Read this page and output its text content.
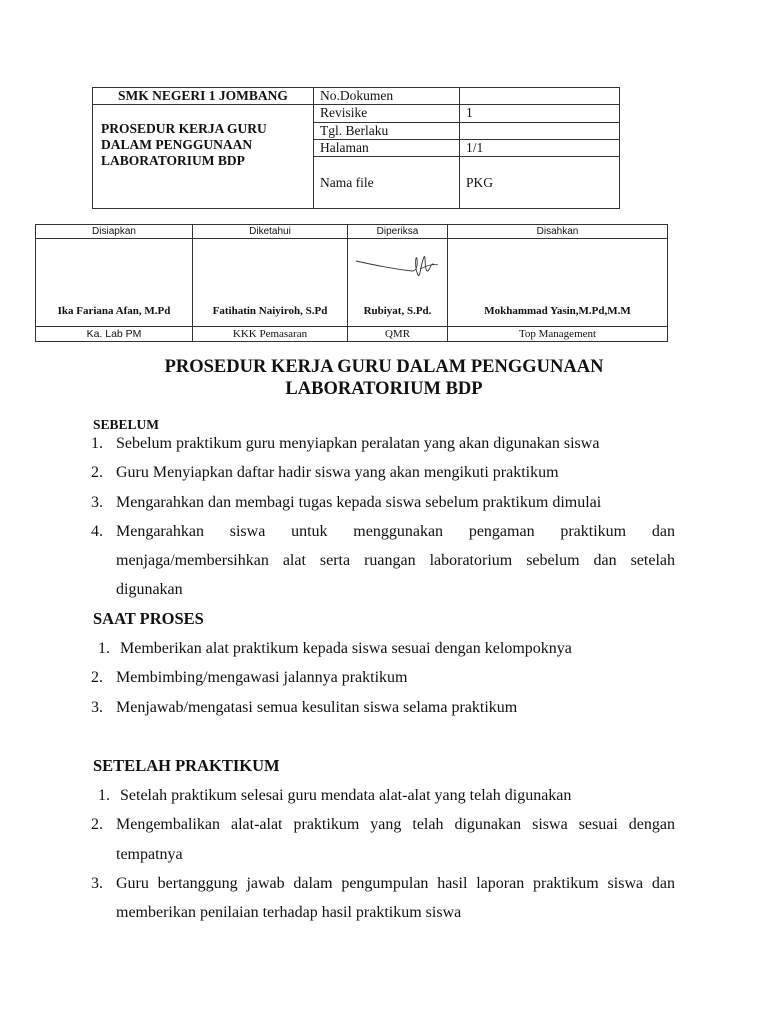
SMK NEGERI 1 JOMBANG	No.Dokumen	

PROSEDUR KERJA GURU
DALAM PENGGUNAAN
LABORATORIUM BDP	Revisike	1
	Tgl. Berlaku	
	Halaman	1/1
	Nama file	PKG
Disiapkan	Diketahui	Diperiksa	Disahkan
Ika Fariana Afan, M.Pd	Fatihatin Naiyiroh, S.Pd	Rubiyat, S.Pd.	Mokhammad Yasin,M.Pd,M.M
Ka. Lab PM	KKK Pemasaran	QMR	Top Management
PROSEDUR KERJA GURU DALAM PENGGUNAAN
LABORATORIUM BDP
SEBELUM
1. Sebelum praktikum guru menyiapkan peralatan yang akan digunakan siswa
2. Guru Menyiapkan daftar hadir siswa yang akan mengikuti praktikum
3. Mengarahkan dan membagi tugas kepada siswa sebelum praktikum dimulai
4. Mengarahkan siswa untuk menggunakan pengaman praktikum dan menjaga/membersihkan alat serta ruangan laboratorium sebelum dan setelah digunakan
SAAT PROSES
1. Memberikan alat praktikum kepada siswa sesuai dengan kelompoknya
2. Membimbing/mengawasi jalannya praktikum
3. Menjawab/mengatasi semua kesulitan siswa selama praktikum
SETELAH PRAKTIKUM
1. Setelah praktikum selesai guru mendata alat-alat yang telah digunakan
2. Mengembalikan alat-alat praktikum yang telah digunakan siswa sesuai dengan tempatnya
3. Guru bertanggung jawab dalam pengumpulan hasil laporan praktikum siswa dan memberikan penilaian terhadap hasil praktikum siswa
